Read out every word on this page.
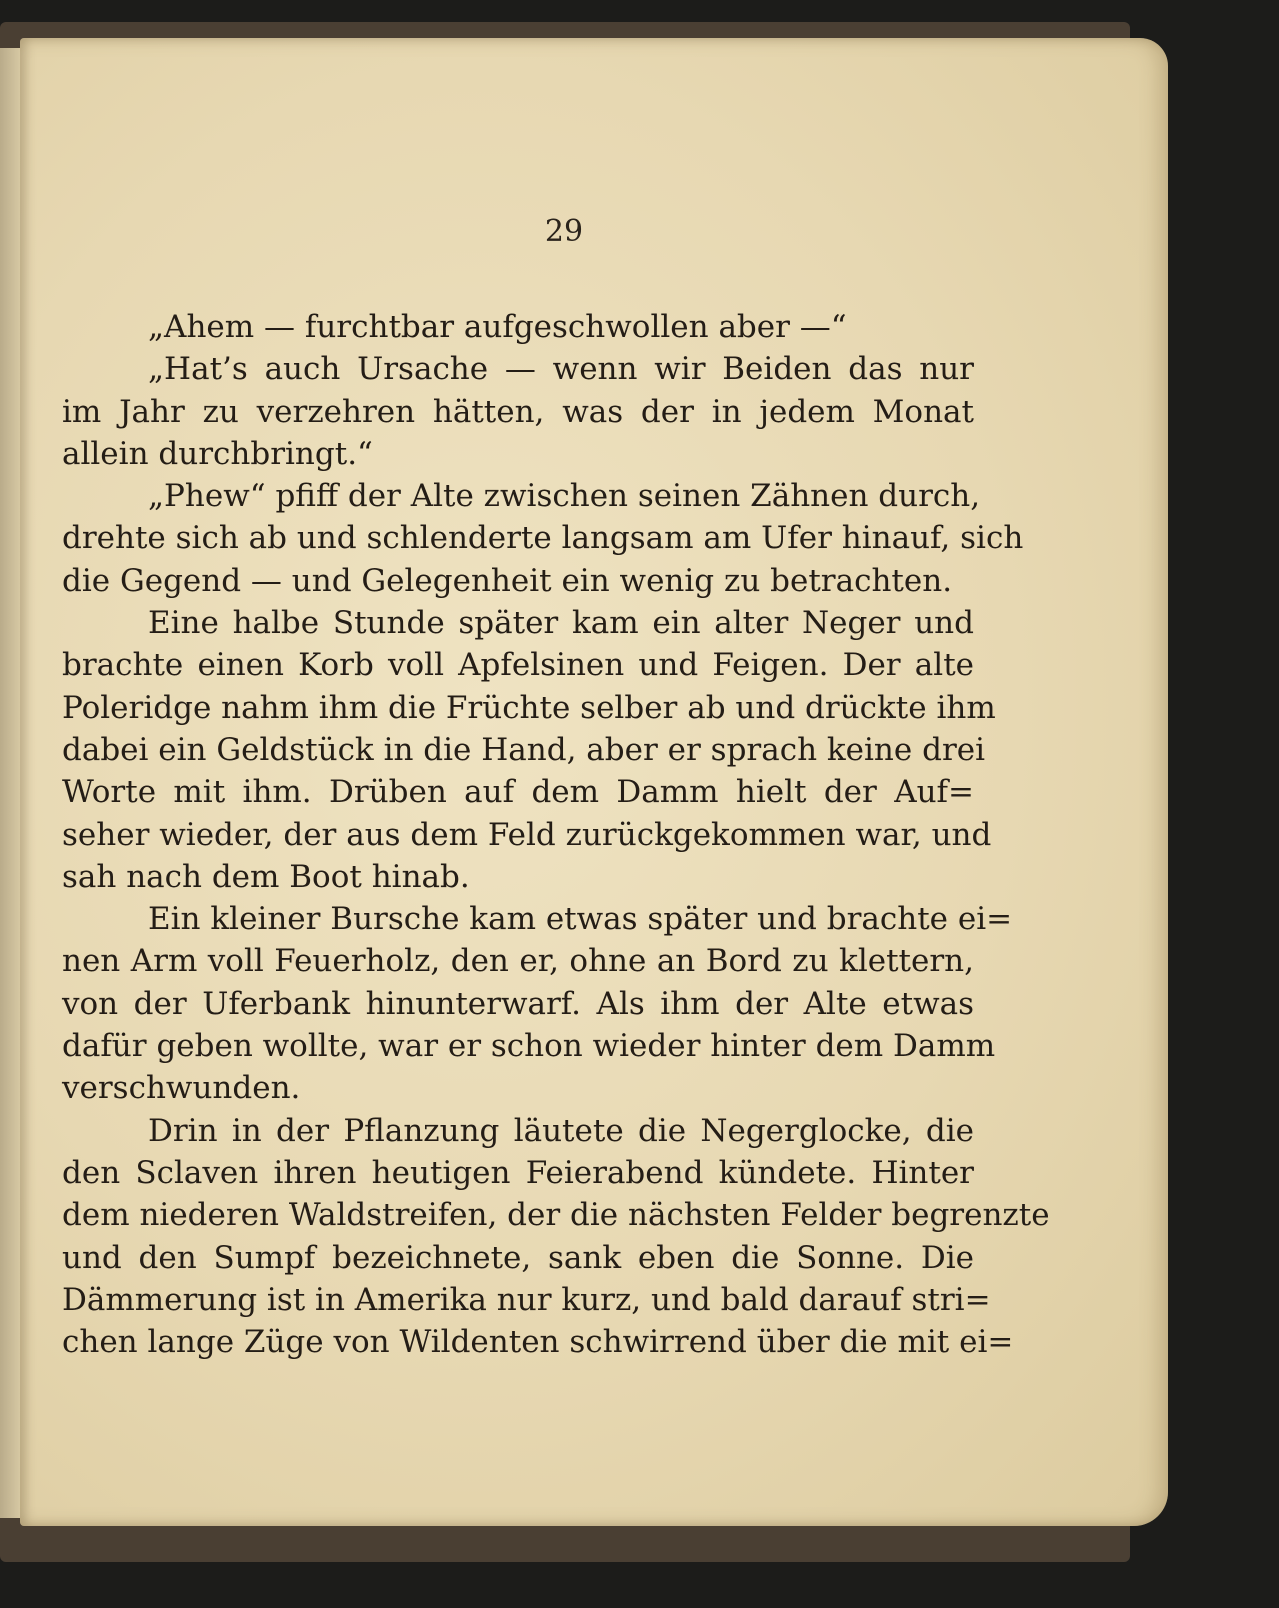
29
„Ahem — furchtbar aufgeschwollen aber —“
„Hat’s auch Ursache — wenn wir Beiden das nur
im Jahr zu verzehren hätten, was der in jedem Monat
allein durchbringt.“
„Phew“ pfiff der Alte zwischen seinen Zähnen durch,
drehte sich ab und schlenderte langsam am Ufer hinauf, sich
die Gegend — und Gelegenheit ein wenig zu betrachten.
Eine halbe Stunde später kam ein alter Neger und
brachte einen Korb voll Apfelsinen und Feigen. Der alte
Poleridge nahm ihm die Früchte selber ab und drückte ihm
dabei ein Geldstück in die Hand, aber er sprach keine drei
Worte mit ihm. Drüben auf dem Damm hielt der Auf=
seher wieder, der aus dem Feld zurückgekommen war, und
sah nach dem Boot hinab.
Ein kleiner Bursche kam etwas später und brachte ei=
nen Arm voll Feuerholz, den er, ohne an Bord zu klettern,
von der Uferbank hinunterwarf. Als ihm der Alte etwas
dafür geben wollte, war er schon wieder hinter dem Damm
verschwunden.
Drin in der Pflanzung läutete die Negerglocke, die
den Sclaven ihren heutigen Feierabend kündete. Hinter
dem niederen Waldstreifen, der die nächsten Felder begrenzte
und den Sumpf bezeichnete, sank eben die Sonne. Die
Dämmerung ist in Amerika nur kurz, und bald darauf stri=
chen lange Züge von Wildenten schwirrend über die mit ei=
